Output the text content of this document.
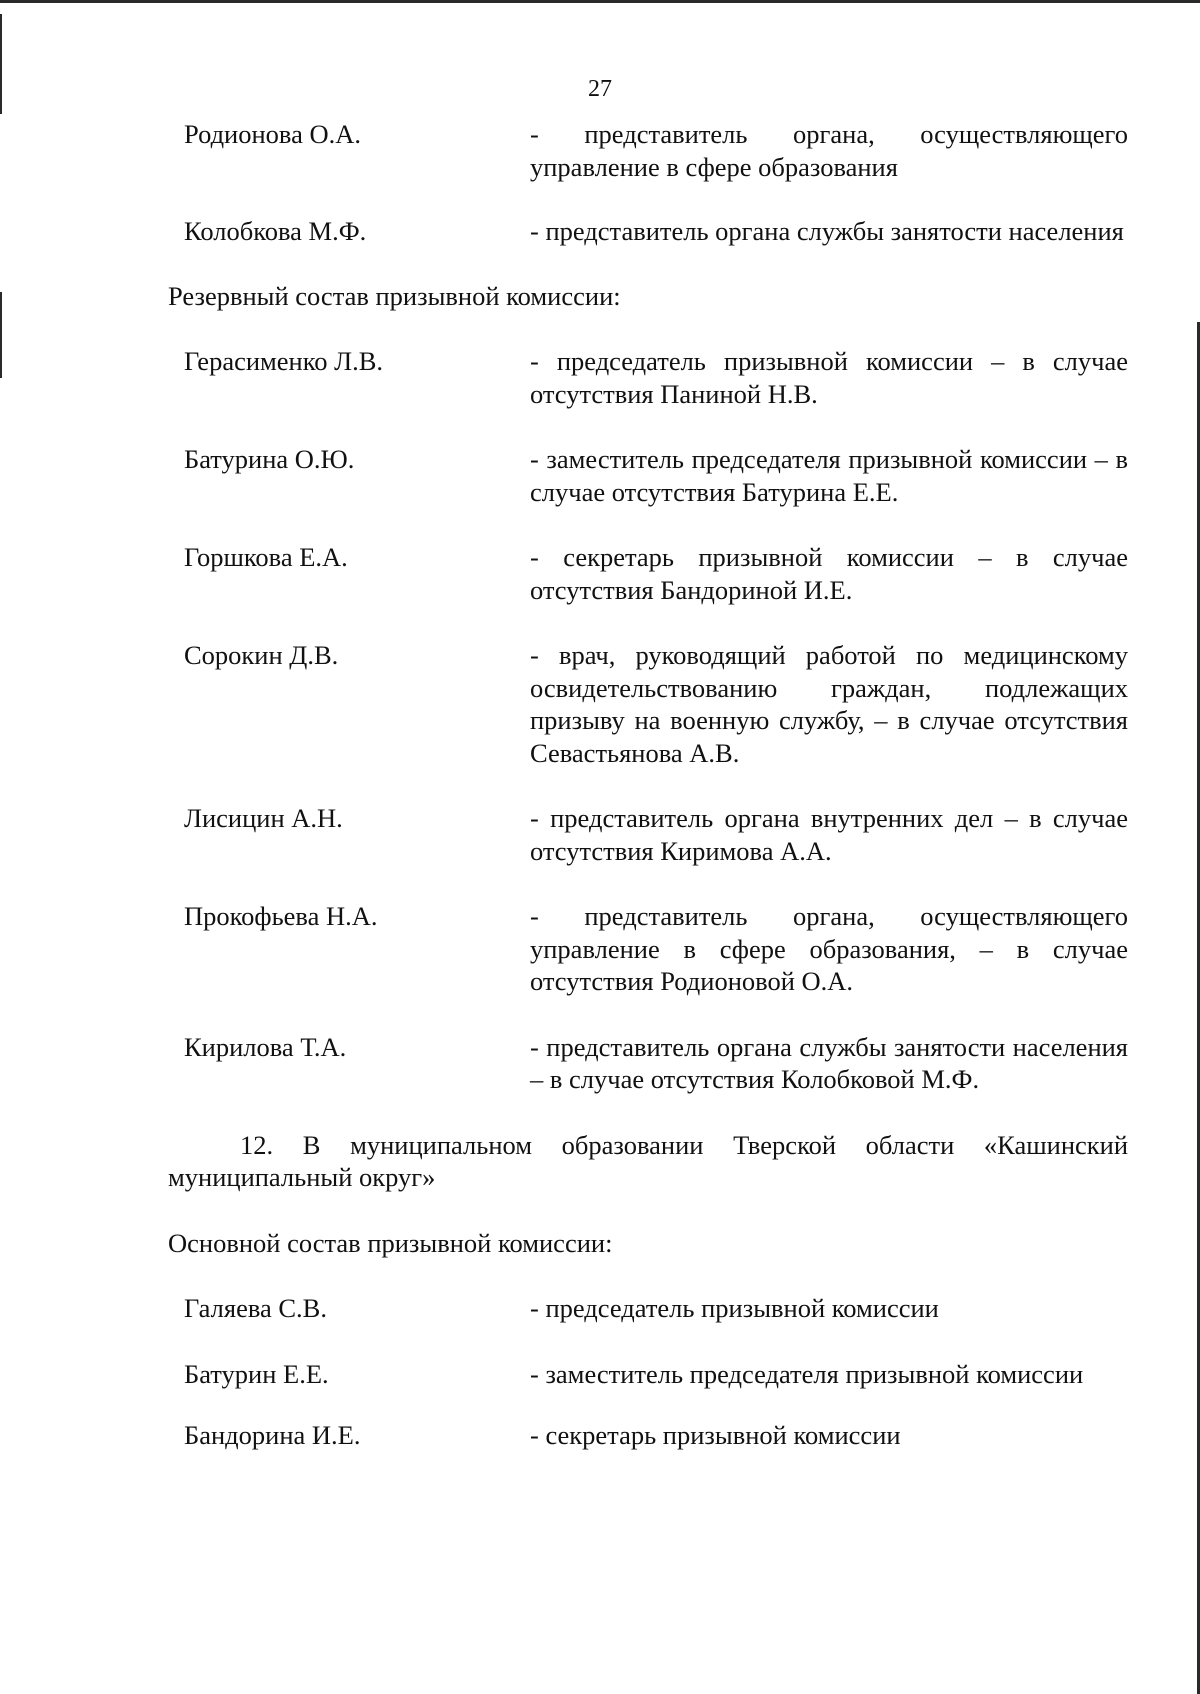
27
Родионова О.А.	- представитель органа, осуществляющего управление в сфере образования
Колобкова М.Ф.	- представитель органа службы занятости населения
Резервный состав призывной комиссии:
Герасименко Л.В.	- председатель призывной комиссии – в случае отсутствия Паниной Н.В.
Батурина О.Ю.	- заместитель председателя призывной комиссии – в случае отсутствия Батурина Е.Е.
Горшкова Е.А.	- секретарь призывной комиссии – в случае отсутствия Бандориной И.Е.
Сорокин Д.В.	- врач, руководящий работой по медицинскому освидетельствованию граждан, подлежащих призыву на военную службу, – в случае отсутствия Севастьянова А.В.
Лисицин А.Н.	- представитель органа внутренних дел – в случае отсутствия Киримова А.А.
Прокофьева Н.А.	- представитель органа, осуществляющего управление в сфере образования, – в случае отсутствия Родионовой О.А.
Кирилова Т.А.	- представитель органа службы занятости населения – в случае отсутствия Колобковой М.Ф.
12. В муниципальном образовании Тверской области «Кашинский муниципальный округ»
Основной состав призывной комиссии:
Галяева С.В.	- председатель призывной комиссии
Батурин Е.Е.	- заместитель председателя призывной комиссии
Бандорина И.Е.	- секретарь призывной комиссии
